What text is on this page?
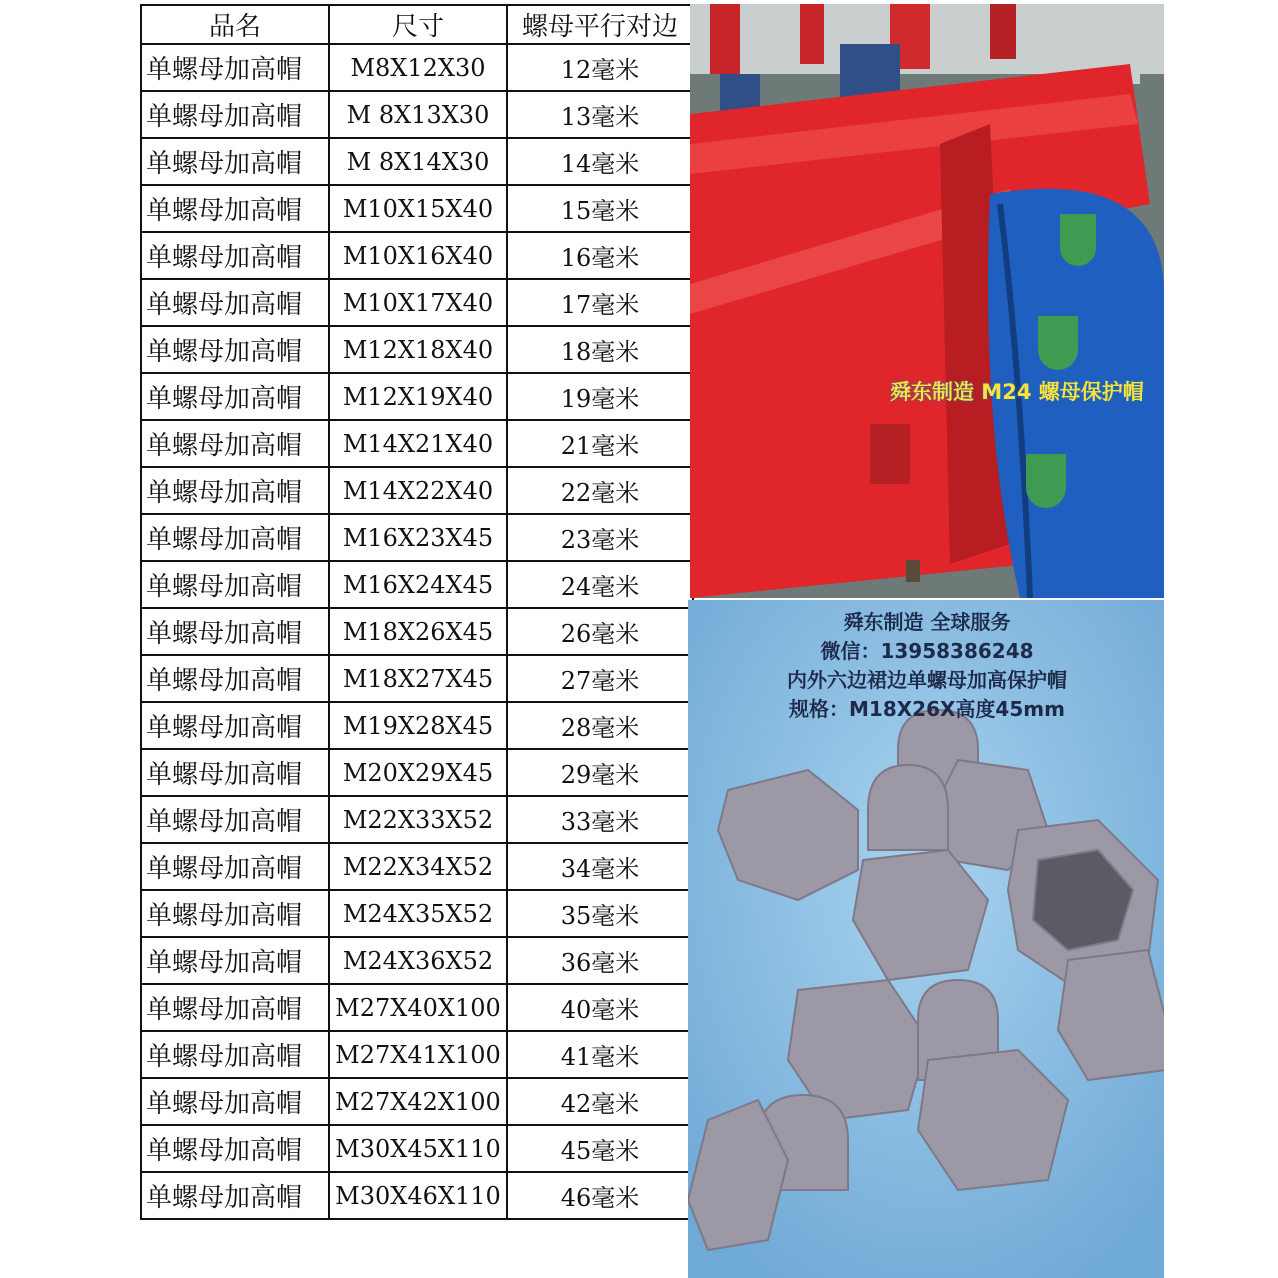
品名	尺寸	螺母平行对边
单螺母加高帽	M8X12X30	12毫米
单螺母加高帽	M 8X13X30	13毫米
单螺母加高帽	M 8X14X30	14毫米
单螺母加高帽	M10X15X40	15毫米
单螺母加高帽	M10X16X40	16毫米
单螺母加高帽	M10X17X40	17毫米
单螺母加高帽	M12X18X40	18毫米
单螺母加高帽	M12X19X40	19毫米
单螺母加高帽	M14X21X40	21毫米
单螺母加高帽	M14X22X40	22毫米
单螺母加高帽	M16X23X45	23毫米
单螺母加高帽	M16X24X45	24毫米
单螺母加高帽	M18X26X45	26毫米
单螺母加高帽	M18X27X45	27毫米
单螺母加高帽	M19X28X45	28毫米
单螺母加高帽	M20X29X45	29毫米
单螺母加高帽	M22X33X52	33毫米
单螺母加高帽	M22X34X52	34毫米
单螺母加高帽	M24X35X52	35毫米
单螺母加高帽	M24X36X52	36毫米
单螺母加高帽	M27X40X100	40毫米
单螺母加高帽	M27X41X100	41毫米
单螺母加高帽	M27X42X100	42毫米
单螺母加高帽	M30X45X110	45毫米
单螺母加高帽	M30X46X110	46毫米
舜东制造 M24 螺母保护帽
舜东制造 全球服务
微信：13958386248
内外六边裙边单螺母加高保护帽
规格：M18X26X高度45mm
